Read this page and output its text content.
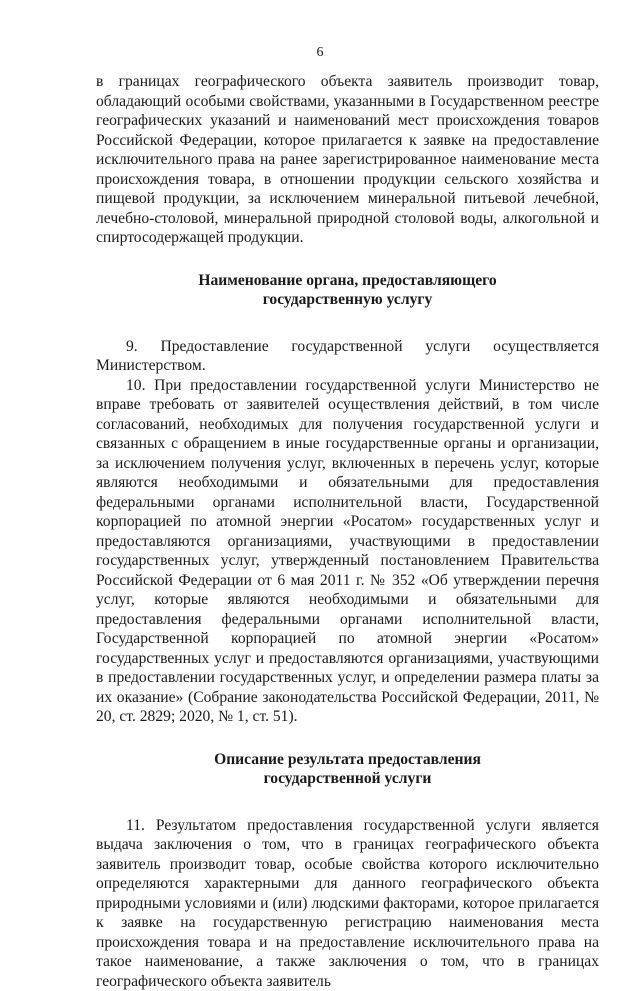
6

в границах географического объекта заявитель производит товар, обладающий особыми свойствами, указанными в Государственном реестре географических указаний и наименований мест происхождения товаров Российской Федерации, которое прилагается к заявке на предоставление исключительного права на ранее зарегистрированное наименование места происхождения товара, в отношении продукции сельского хозяйства и пищевой продукции, за исключением минеральной питьевой лечебной, лечебно-столовой, минеральной природной столовой воды, алкогольной и спиртосодержащей продукции.

Наименование органа, предоставляющего

государственную услугу

9. Предоставление государственной услуги осуществляется Министерством.

10. При предоставлении государственной услуги Министерство не вправе требовать от заявителей осуществления действий, в том числе согласований, необходимых для получения государственной услуги и связанных с обращением в иные государственные органы и организации, за исключением получения услуг, включенных в перечень услуг, которые являются необходимыми и обязательными для предоставления федеральными органами исполнительной власти, Государственной корпорацией по атомной энергии «Росатом» государственных услуг и предоставляются организациями, участвующими в предоставлении государственных услуг, утвержденный постановлением Правительства Российской Федерации от 6 мая 2011 г. № 352 «Об утверждении перечня услуг, которые являются необходимыми и обязательными для предоставления федеральными органами исполнительной власти, Государственной корпорацией по атомной энергии «Росатом» государственных услуг и предоставляются организациями, участвующими в предоставлении государственных услуг, и определении размера платы за их оказание» (Собрание законодательства Российской Федерации, 2011, № 20, ст. 2829; 2020, № 1, ст. 51).

Описание результата предоставления

государственной услуги

11. Результатом предоставления государственной услуги является выдача заключения о том, что в границах географического объекта заявитель производит товар, особые свойства которого исключительно определяются характерными для данного географического объекта природными условиями и (или) людскими факторами, которое прилагается к заявке на государственную регистрацию наименования места происхождения товара и на предоставление исключительного права на такое наименование, а также заключения о том, что в границах географического объекта заявитель
